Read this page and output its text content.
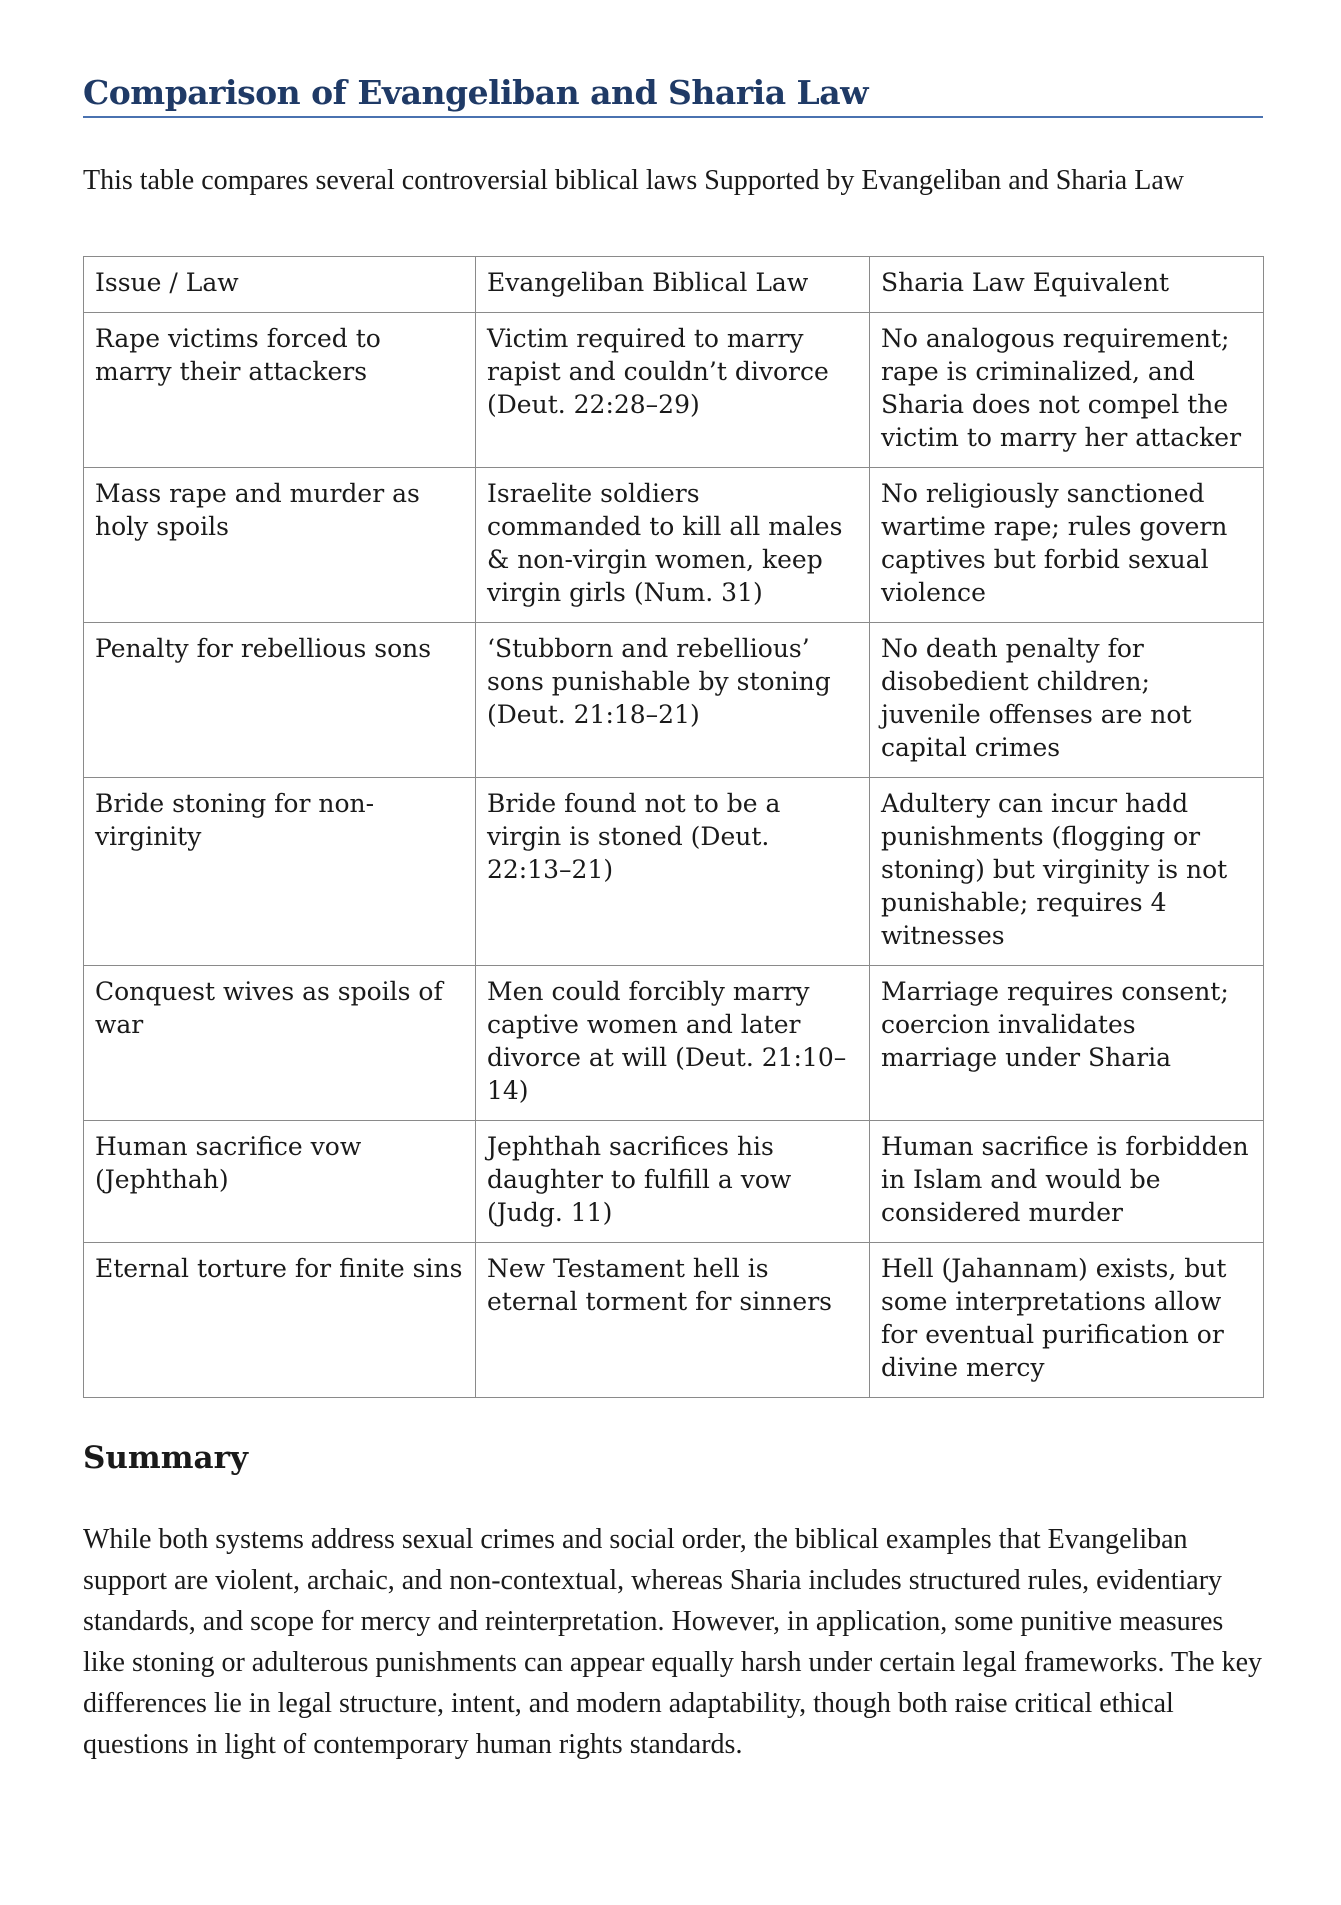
Comparison of Evangeliban and Sharia Law

This table compares several controversial biblical laws Supported by Evangeliban and Sharia Law

Issue / Law	Evangeliban Biblical Law	Sharia Law Equivalent
Rape victims forced to marry their attackers	Victim required to marry rapist and couldn’t divorce (Deut. 22:28–29)	No analogous requirement; rape is criminalized, and Sharia does not compel the victim to marry her attacker
Mass rape and murder as holy spoils	Israelite soldiers commanded to kill all males & non-virgin women, keep virgin girls (Num. 31)	No religiously sanctioned wartime rape; rules govern captives but forbid sexual violence
Penalty for rebellious sons	‘Stubborn and rebellious’ sons punishable by stoning (Deut. 21:18–21)	No death penalty for disobedient children; juvenile offenses are not capital crimes
Bride stoning for non-virginity	Bride found not to be a virgin is stoned (Deut. 22:13–21)	Adultery can incur hadd punishments (flogging or stoning) but virginity is not punishable; requires 4 witnesses
Conquest wives as spoils of war	Men could forcibly marry captive women and later divorce at will (Deut. 21:10–14)	Marriage requires consent; coercion invalidates marriage under Sharia
Human sacrifice vow (Jephthah)	Jephthah sacrifices his daughter to fulfill a vow (Judg. 11)	Human sacrifice is forbidden in Islam and would be considered murder
Eternal torture for finite sins	New Testament hell is eternal torment for sinners	Hell (Jahannam) exists, but some interpretations allow for eventual purification or divine mercy
Summary

While both systems address sexual crimes and social order, the biblical examples that Evangeliban support are violent, archaic, and non-contextual, whereas Sharia includes structured rules, evidentiary standards, and scope for mercy and reinterpretation. However, in application, some punitive measures like stoning or adulterous punishments can appear equally harsh under certain legal frameworks. The key differences lie in legal structure, intent, and modern adaptability, though both raise critical ethical questions in light of contemporary human rights standards.
